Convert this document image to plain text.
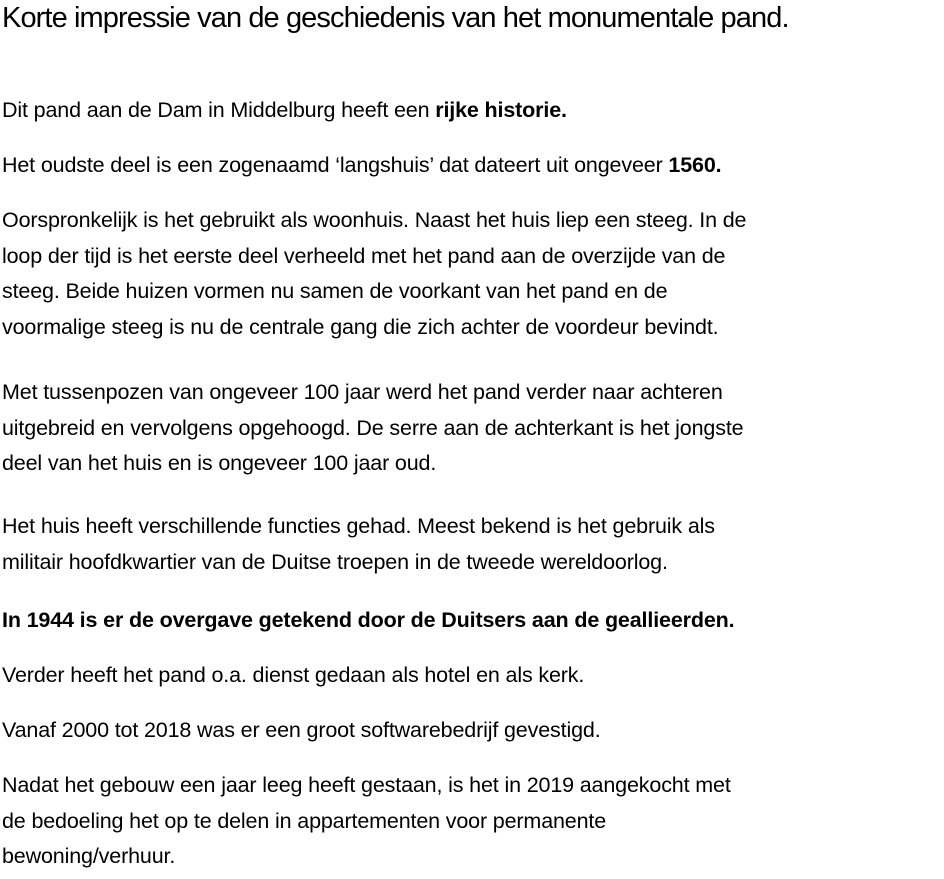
Korte impressie van de geschiedenis van het monumentale pand.

Dit pand aan de Dam in Middelburg heeft een rijke historie.

Het oudste deel is een zogenaamd ‘langshuis’ dat dateert uit ongeveer 1560.

Oorspronkelijk is het gebruikt als woonhuis. Naast het huis liep een steeg. In de
loop der tijd is het eerste deel verheeld met het pand aan de overzijde van de
steeg. Beide huizen vormen nu samen de voorkant van het pand en de
voormalige steeg is nu de centrale gang die zich achter de voordeur bevindt.

Met tussenpozen van ongeveer 100 jaar werd het pand verder naar achteren
uitgebreid en vervolgens opgehoogd. De serre aan de achterkant is het jongste
deel van het huis en is ongeveer 100 jaar oud.

Het huis heeft verschillende functies gehad. Meest bekend is het gebruik als
militair hoofdkwartier van de Duitse troepen in de tweede wereldoorlog.

In 1944 is er de overgave getekend door de Duitsers aan de geallieerden.

Verder heeft het pand o.a. dienst gedaan als hotel en als kerk.

Vanaf 2000 tot 2018 was er een groot softwarebedrijf gevestigd.

Nadat het gebouw een jaar leeg heeft gestaan, is het in 2019 aangekocht met
de bedoeling het op te delen in appartementen voor permanente
bewoning/verhuur.
